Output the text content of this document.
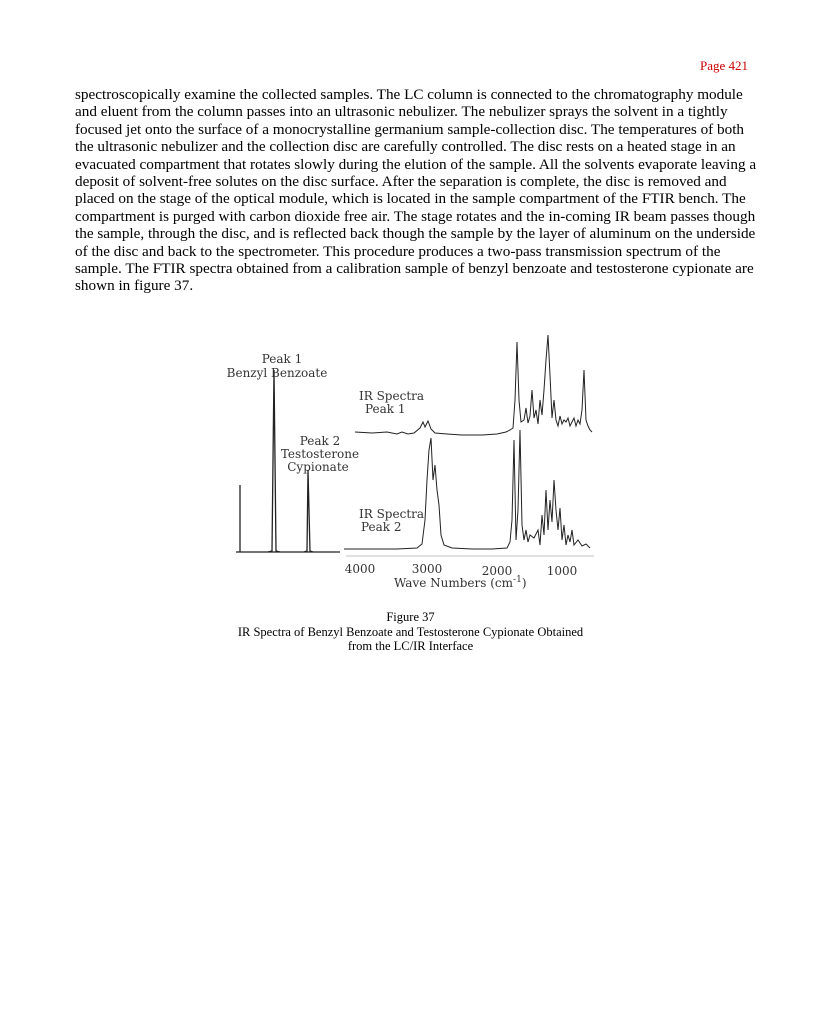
Page 421

spectroscopically examine the collected samples. The LC column is connected to the chromatography module and eluent from the column passes into an ultrasonic nebulizer. The nebulizer sprays the solvent in a tightly focused jet onto the surface of a monocrystalline germanium sample-collection disc. The temperatures of both the ultrasonic nebulizer and the collection disc are carefully controlled. The disc rests on a heated stage in an evacuated compartment that rotates slowly during the elution of the sample. All the solvents evaporate leaving a deposit of solvent-free solutes on the disc surface. After the separation is complete, the disc is removed and placed on the stage of the optical module, which is located in the sample compartment of the FTIR bench. The compartment is purged with carbon dioxide free air. The stage rotates and the in-coming IR beam passes though the sample, through the disc, and is reflected back though the sample by the layer of aluminum on the underside of the disc and back to the spectrometer. This procedure produces a two-pass transmission spectrum of the sample. The FTIR spectra obtained from a calibration sample of benzyl benzoate and testosterone cypionate are shown in figure 37.

Peak 1
Benzyl Benzoate
Peak 2
Testosterone
Cypionate
IR Spectra
Peak 1
IR Spectra
Peak 2
4000	3000	2000	1000
Wave Numbers $(cm^{-1})$
Figure 37
IR Spectra of Benzyl Benzoate and Testosterone Cypionate Obtained
from the LC/IR Interface
